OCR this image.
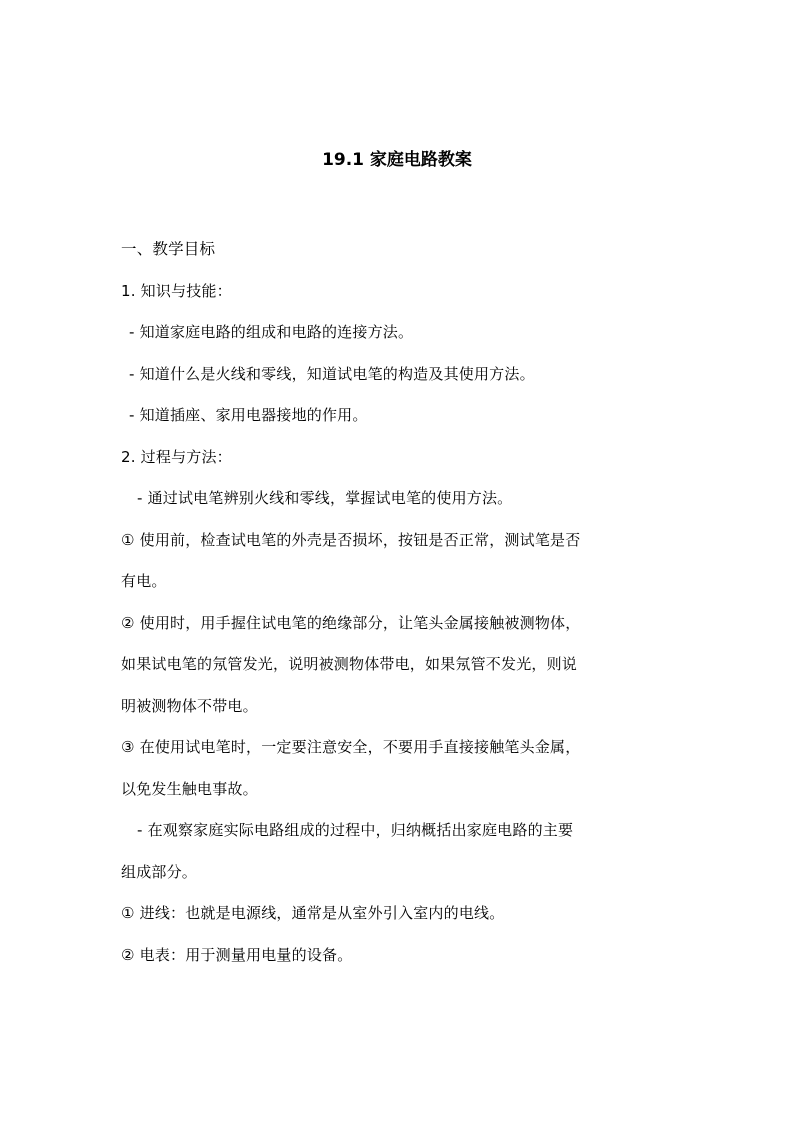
19.1 家庭电路教案

一、教学目标

1. 知识与技能：

- 知道家庭电路的组成和电路的连接方法。

- 知道什么是火线和零线，知道试电笔的构造及其使用方法。

- 知道插座、家用电器接地的作用。

2. 过程与方法：

- 通过试电笔辨别火线和零线，掌握试电笔的使用方法。

① 使用前，检查试电笔的外壳是否损坏，按钮是否正常，测试笔是否

有电。

② 使用时，用手握住试电笔的绝缘部分，让笔头金属接触被测物体，

如果试电笔的氖管发光，说明被测物体带电，如果氖管不发光，则说

明被测物体不带电。

③ 在使用试电笔时，一定要注意安全，不要用手直接接触笔头金属，

以免发生触电事故。

- 在观察家庭实际电路组成的过程中，归纳概括出家庭电路的主要

组成部分。

① 进线：也就是电源线，通常是从室外引入室内的电线。

② 电表：用于测量用电量的设备。
